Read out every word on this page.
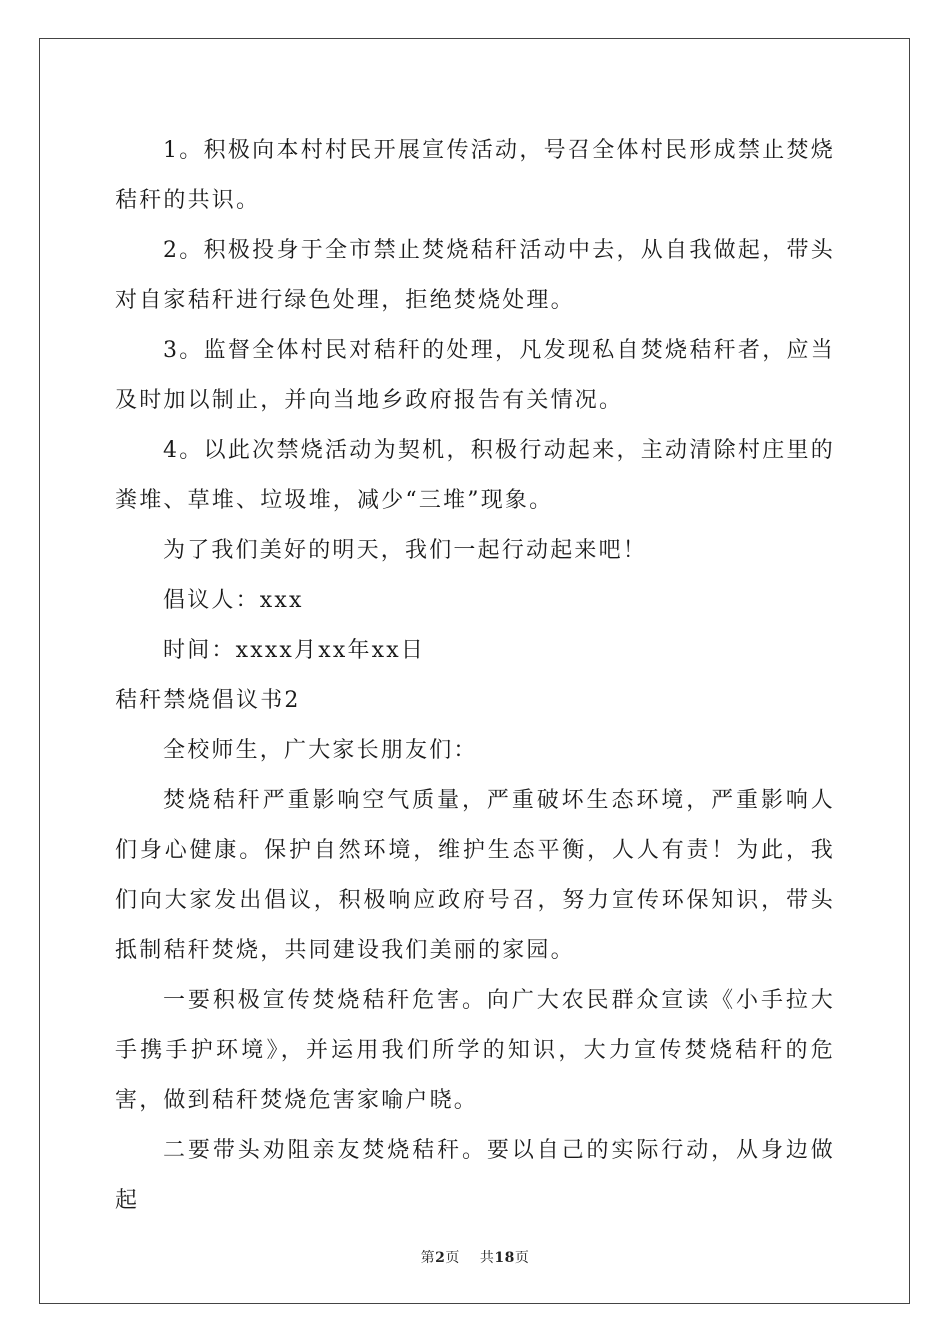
1。积极向本村村民开展宣传活动，号召全体村民形成禁止焚烧秸秆的共识。

2。积极投身于全市禁止焚烧秸秆活动中去，从自我做起，带头对自家秸秆进行绿色处理，拒绝焚烧处理。

3。监督全体村民对秸秆的处理，凡发现私自焚烧秸秆者，应当及时加以制止，并向当地乡政府报告有关情况。

4。以此次禁烧活动为契机，积极行动起来，主动清除村庄里的粪堆、草堆、垃圾堆，减少“三堆”现象。

为了我们美好的明天，我们一起行动起来吧！

倡议人：xxx

时间：xxxx月xx年xx日

秸秆禁烧倡议书2

全校师生，广大家长朋友们：

焚烧秸秆严重影响空气质量，严重破坏生态环境，严重影响人们身心健康。保护自然环境，维护生态平衡，人人有责！为此，我们向大家发出倡议，积极响应政府号召，努力宣传环保知识，带头抵制秸秆焚烧，共同建设我们美丽的家园。

一要积极宣传焚烧秸秆危害。向广大农民群众宣读《小手拉大手携手护环境》，并运用我们所学的知识，大力宣传焚烧秸秆的危害，做到秸秆焚烧危害家喻户晓。

二要带头劝阻亲友焚烧秸秆。要以自己的实际行动，从身边做起

第2页 共18页
